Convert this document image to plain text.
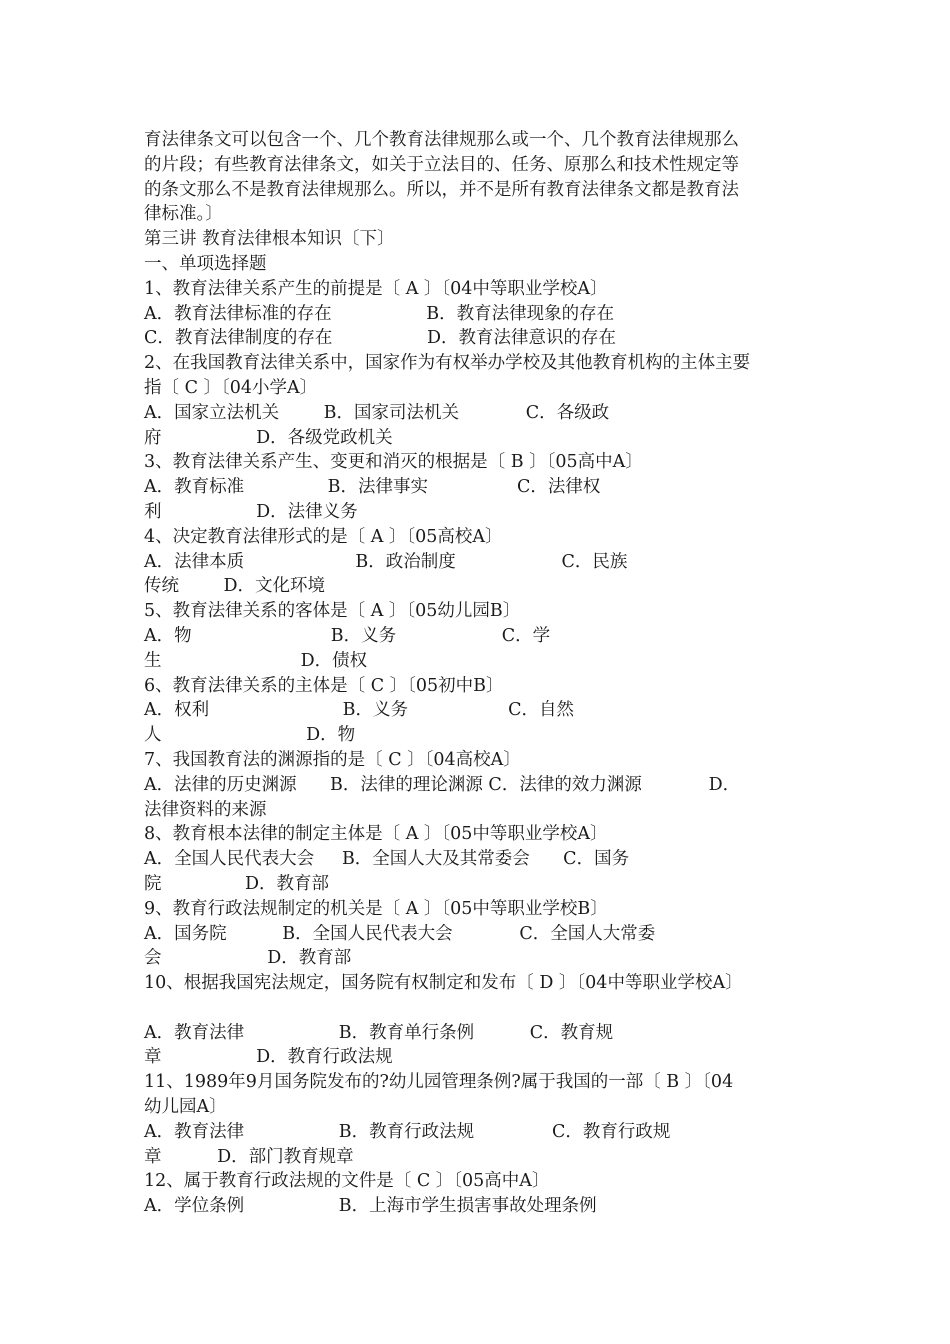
育法律条文可以包含一个、几个教育法律规那么或一个、几个教育法律规那么
的片段；有些教育法律条文，如关于立法目的、任务、原那么和技术性规定等
的条文那么不是教育法律规那么。所以，并不是所有教育法律条文都是教育法
律标准。〕
第三讲 教育法律根本知识〔下〕
一、单项选择题
1、教育法律关系产生的前提是〔 A 〕〔04中等职业学校A〕
A．教育法律标准的存在                 B．教育法律现象的存在
C．教育法律制度的存在                 D．教育法律意识的存在
2、在我国教育法律关系中，国家作为有权举办学校及其他教育机构的主体主要
指〔 C 〕〔04小学A〕
A．国家立法机关        B．国家司法机关            C．各级政
府                 D．各级党政机关
3、教育法律关系产生、变更和消灭的根据是〔 B 〕〔05高中A〕
A．教育标准               B．法律事实                C．法律权
利                 D．法律义务
4、决定教育法律形式的是〔 A 〕〔05高校A〕
A．法律本质                    B．政治制度                   C．民族
传统        D．文化环境
5、教育法律关系的客体是〔 A 〕〔05幼儿园B〕
A．物                         B．义务                   C．学
生                         D．债权
6、教育法律关系的主体是〔 C 〕〔05初中B〕
A．权利                        B．义务                  C．自然
人                          D．物
7、我国教育法的渊源指的是〔 C 〕〔04高校A〕
A．法律的历史渊源      B．法律的理论渊源 C．法律的效力渊源            D．
法律资料的来源
8、教育根本法律的制定主体是〔 A 〕〔05中等职业学校A〕
A．全国人民代表大会     B．全国人大及其常委会      C．国务
院               D．教育部
9、教育行政法规制定的机关是〔 A 〕〔05中等职业学校B〕
A．国务院          B．全国人民代表大会            C．全国人大常委
会                   D．教育部
10、根据我国宪法规定，国务院有权制定和发布〔 D 〕〔04中等职业学校A〕
A．教育法律                 B．教育单行条例          C．教育规
章                 D．教育行政法规
11、1989年9月国务院发布的?幼儿园管理条例?属于我国的一部〔 B 〕〔04
幼儿园A〕
A．教育法律                 B．教育行政法规              C．教育行政规
章          D．部门教育规章
12、属于教育行政法规的文件是〔 C 〕〔05高中A〕
A．学位条例                 B．上海市学生损害事故处理条例
